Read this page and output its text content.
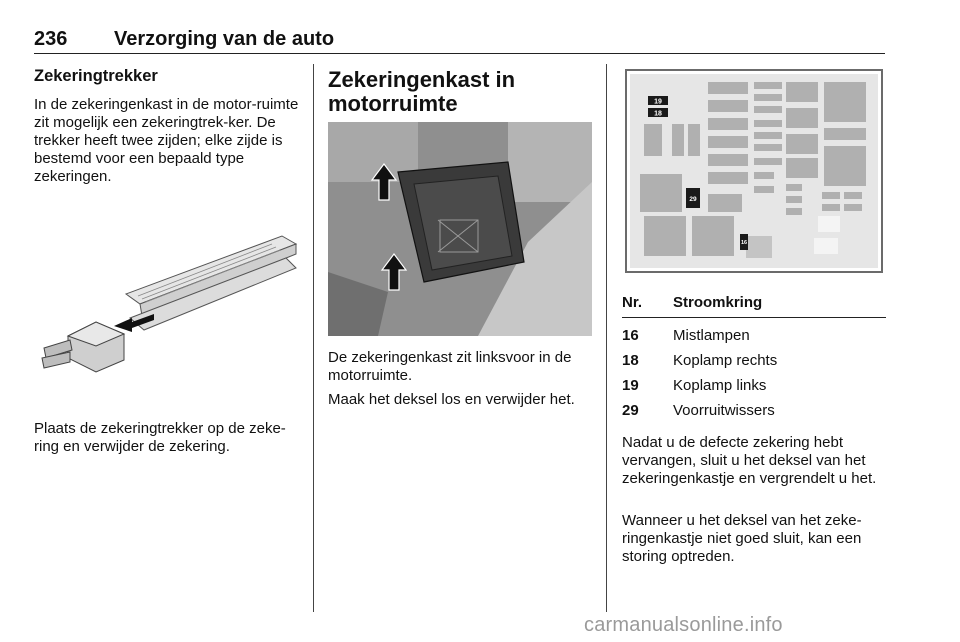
236 Verzorging van de auto
Zekeringtrekker
In de zekeringenkast in de motor-ruimte zit mogelijk een zekeringtrek-ker. De trekker heeft twee zijden; elke zijde is bestemd voor een bepaald type zekeringen.
Plaats de zekeringtrekker op de zeke-ring en verwijder de zekering.
Zekeringenkast in motorruimte
De zekeringenkast zit linksvoor in de motorruimte.
Maak het deksel los en verwijder het.
19
18
29
16
Nr. Stroomkring
16 Mistlampen
18 Koplamp rechts
19 Koplamp links
29 Voorruitwissers
Nadat u de defecte zekering hebt vervangen, sluit u het deksel van het zekeringenkastje en vergrendelt u het.
Wanneer u het deksel van het zeke-ringenkastje niet goed sluit, kan een storing optreden.
carmanualsonline.info
